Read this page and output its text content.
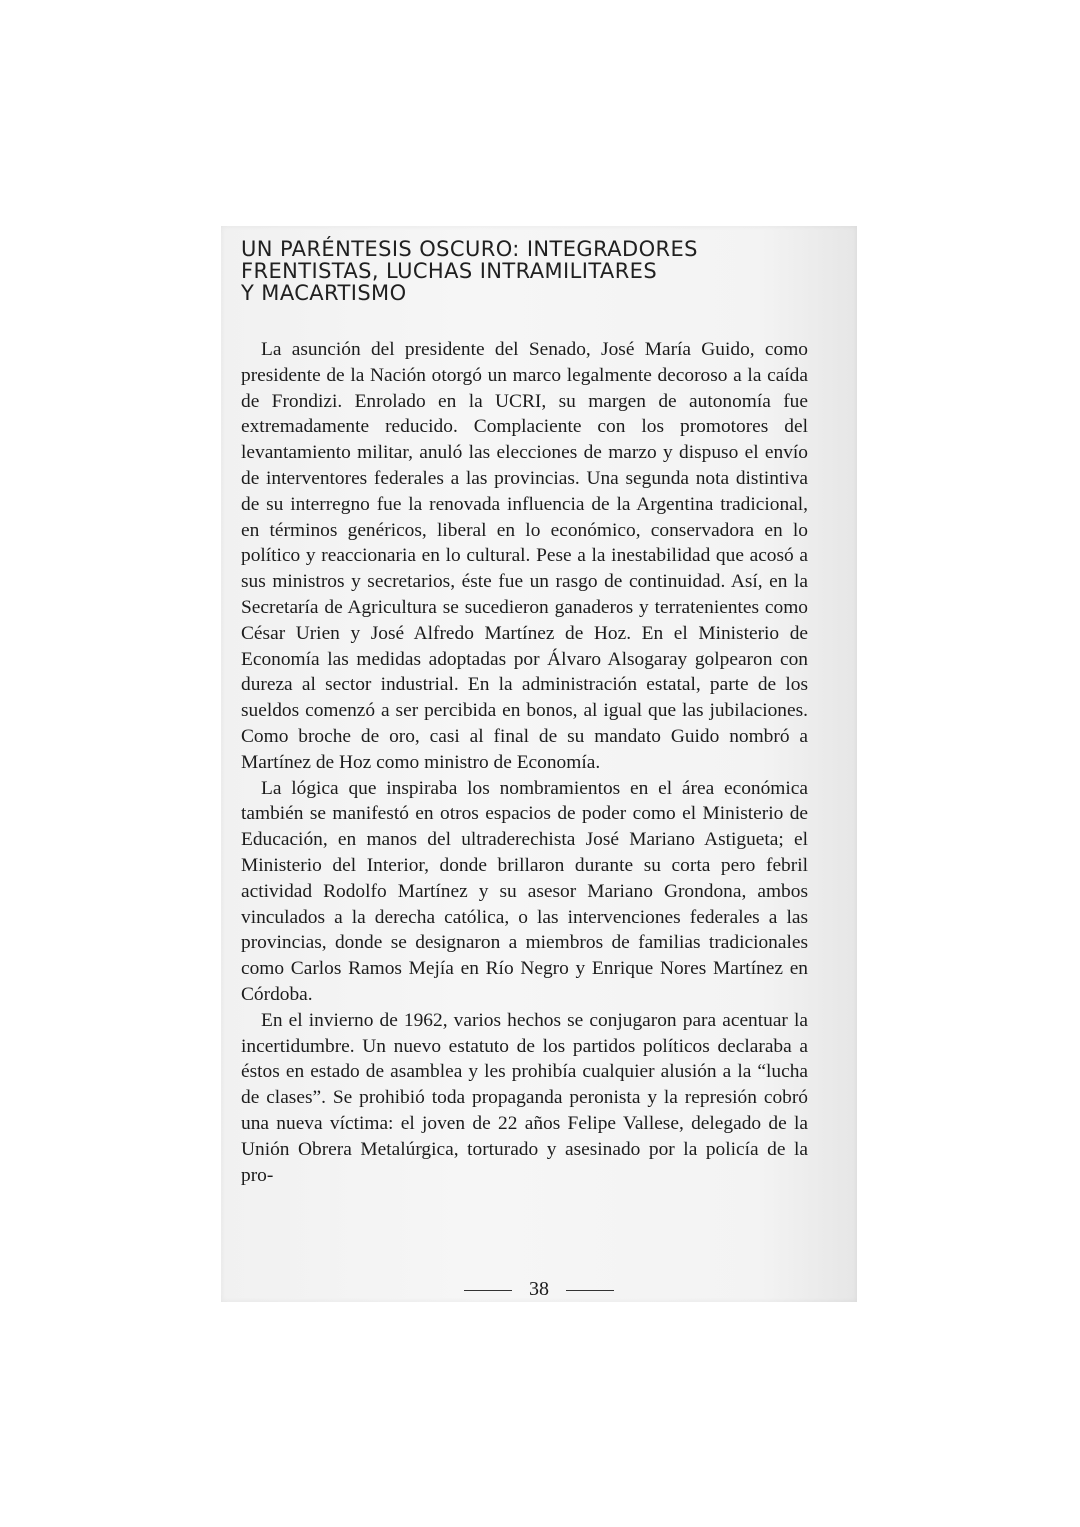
UN PARÉNTESIS OSCURO: INTEGRADORES
FRENTISTAS, LUCHAS INTRAMILITARES
Y MACARTISMO

La asunción del presidente del Senado, José María Guido, como presidente de la Nación otorgó un marco legalmente decoroso a la caída de Frondizi. Enrolado en la UCRI, su margen de autonomía fue extremadamente reducido. Complaciente con los promotores del levantamiento militar, anuló las elecciones de marzo y dispuso el envío de interventores federales a las provincias. Una segunda nota distintiva de su interregno fue la renovada influencia de la Argentina tradicional, en términos genéricos, liberal en lo económico, conservadora en lo político y reaccionaria en lo cultural. Pese a la inestabilidad que acosó a sus ministros y secretarios, éste fue un rasgo de continuidad. Así, en la Secretaría de Agricultura se sucedieron ganaderos y terratenientes como César Urien y José Alfredo Martínez de Hoz. En el Ministerio de Economía las medidas adoptadas por Álvaro Alsogaray golpearon con dureza al sector industrial. En la administración estatal, parte de los sueldos comenzó a ser percibida en bonos, al igual que las jubilaciones. Como broche de oro, casi al final de su mandato Guido nombró a Martínez de Hoz como ministro de Economía.

La lógica que inspiraba los nombramientos en el área económica también se manifestó en otros espacios de poder como el Ministerio de Educación, en manos del ultraderechista José Mariano Astigueta; el Ministerio del Interior, donde brillaron durante su corta pero febril actividad Rodolfo Martínez y su asesor Mariano Grondona, ambos vinculados a la derecha católica, o las intervenciones federales a las provincias, donde se designaron a miembros de familias tradicionales como Carlos Ramos Mejía en Río Negro y Enrique Nores Martínez en Córdoba.

En el invierno de 1962, varios hechos se conjugaron para acentuar la incertidumbre. Un nuevo estatuto de los partidos políticos declaraba a éstos en estado de asamblea y les prohibía cualquier alusión a la “lucha de clases”. Se prohibió toda propaganda peronista y la represión cobró una nueva víctima: el joven de 22 años Felipe Vallese, delegado de la Unión Obrera Metalúrgica, torturado y asesinado por la policía de la pro-

38
